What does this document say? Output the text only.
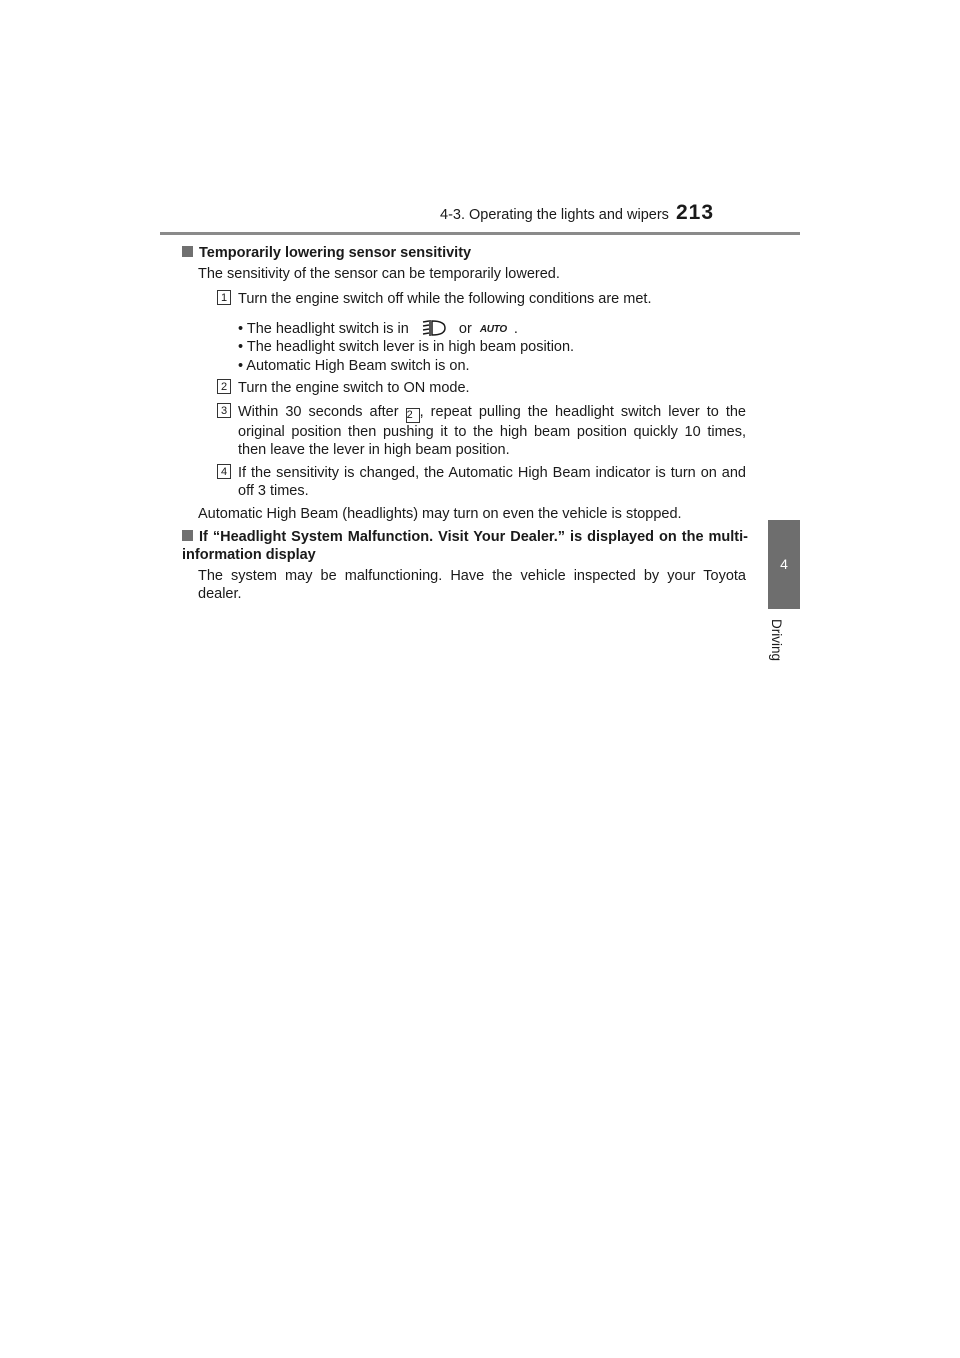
4-3. Operating the lights and wipers 213
4
Driving
Temporarily lowering sensor sensitivity
The sensitivity of the sensor can be temporarily lowered.
1 Turn the engine switch off while the following conditions are met.
• The headlight switch is in	or AUTO .
• The headlight switch lever is in high beam position.
• Automatic High Beam switch is on.
2 Turn the engine switch to ON mode.
3 Within 30 seconds after 2 , repeat pulling the headlight switch lever to the original position then pushing it to the high beam position quickly 10 times, then leave the lever in high beam position.
4 If the sensitivity is changed, the Automatic High Beam indicator is turn on and off 3 times.
Automatic High Beam (headlights) may turn on even the vehicle is stopped.
If “Headlight System Malfunction. Visit Your Dealer.” is displayed on the multi-information display
The system may be malfunctioning. Have the vehicle inspected by your Toyota dealer.
